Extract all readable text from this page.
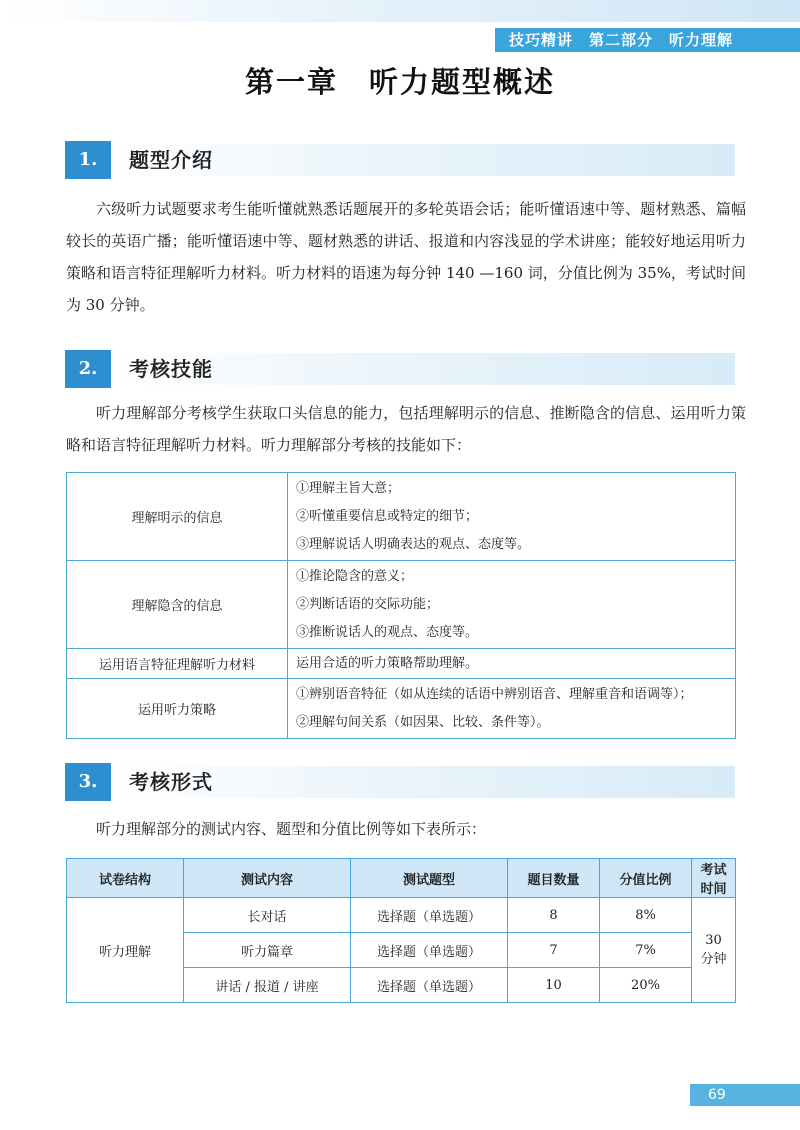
技巧精讲　第二部分　听力理解
第一章　听力题型概述
1.	题型介绍

六级听力试题要求考生能听懂就熟悉话题展开的多轮英语会话；能听懂语速中等、题材熟悉、篇幅较长的英语广播；能听懂语速中等、题材熟悉的讲话、报道和内容浅显的学术讲座；能较好地运用听力策略和语言特征理解听力材料。听力材料的语速为每分钟 140 —160 词，分值比例为 35%，考试时间为 30 分钟。

2.	考核技能

听力理解部分考核学生获取口头信息的能力，包括理解明示的信息、推断隐含的信息、运用听力策略和语言特征理解听力材料。听力理解部分考核的技能如下：

理解明示的信息	①理解主旨大意；
②听懂重要信息或特定的细节；
③理解说话人明确表达的观点、态度等。

理解隐含的信息	①推论隐含的意义；
②判断话语的交际功能；
③推断说话人的观点、态度等。

运用语言特征理解听力材料	运用合适的听力策略帮助理解。

运用听力策略	①辨别语音特征（如从连续的话语中辨别语音、理解重音和语调等）；
②理解句间关系（如因果、比较、条件等）。
3.	考核形式

听力理解部分的测试内容、题型和分值比例等如下表所示：

试卷结构	测试内容	测试题型	题目数量	分值比例	考试时间
听力理解	长对话	选择题（单选题）	8	8%	30 分钟
	听力篇章	选择题（单选题）	7	7%	
	讲话 / 报道 / 讲座	选择题（单选题）	10	20%	
69
